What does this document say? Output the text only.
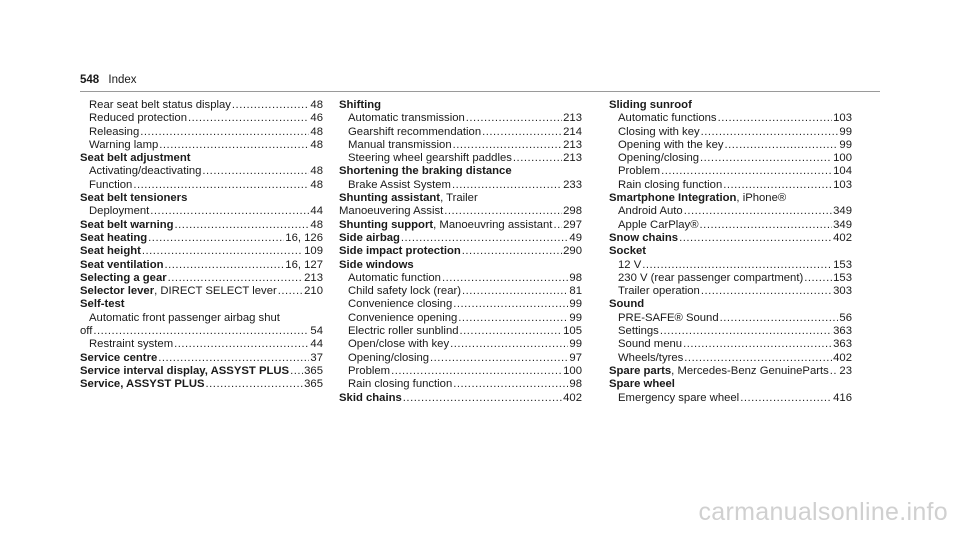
548 Index
Rear seat belt status display .....	48
Reduced protection .....	46
Releasing .....	48
Warning lamp .....	48
Seat belt adjustment
Activating/deactivating .....	48
Function .....	48
Seat belt tensioners
Deployment .....	44
Seat belt warning .....	48
Seat heating .....	16, 126
Seat height .....	109
Seat ventilation .....	16, 127
Selecting a gear .....	213
Selector lever, DIRECT SELECT lever ..... 210
Self-test
Automatic front passenger airbag shut
off .....	54
Restraint system .....	44
Service centre .....	37
Service interval display, ASSYST PLUS ..... 365
Service, ASSYST PLUS .....	365
Shifting
Automatic transmission .....	213
Gearshift recommendation .....	214
Manual transmission .....	213
Steering wheel gearshift paddles .....	213
Shortening the braking distance
Brake Assist System .....	233
Shunting assistant, Trailer
Manoeuvering Assist .....	298
Shunting support, Manoeuvring assistant ..... 297
Side airbag .....	49
Side impact protection .....	290
Side windows
Automatic function .....	98
Child safety lock (rear) .....	81
Convenience closing .....	99
Convenience opening .....	99
Electric roller sunblind .....	105
Open/close with key .....	99
Opening/closing .....	97
Problem .....	100
Rain closing function .....	98
Skid chains .....	402
Sliding sunroof
Automatic functions .....	103
Closing with key .....	99
Opening with the key .....	99
Opening/closing .....	100
Problem .....	104
Rain closing function .....	103
Smartphone Integration, iPhone®
Android Auto .....	349
Apple CarPlay® .....	349
Snow chains .....	402
Socket
12 V .....	153
230 V (rear passenger compartment) .....	153
Trailer operation .....	303
Sound
PRE-SAFE® Sound .....	56
Settings .....	363
Sound menu .....	363
Wheels/tyres .....	402
Spare parts, Mercedes-Benz GenuineParts ..... 23
Spare wheel
Emergency spare wheel .....	416
carmanualsonline.info
